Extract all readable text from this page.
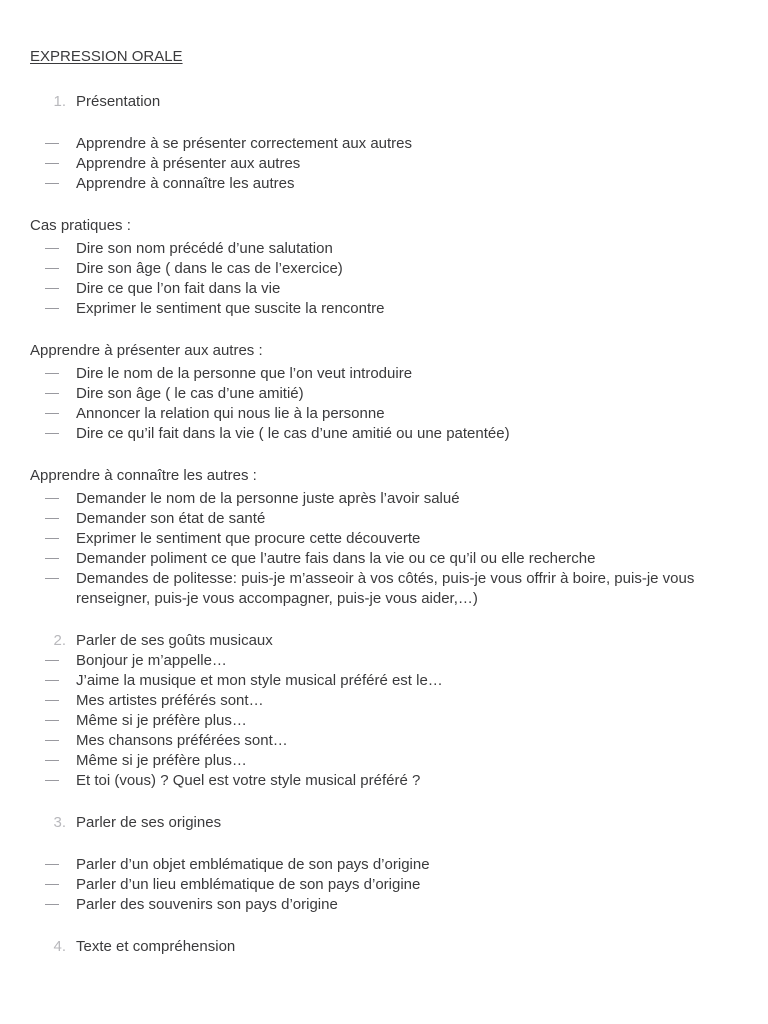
EXPRESSION ORALE
1. Présentation
Apprendre à se présenter correctement aux autres
Apprendre à présenter aux autres
Apprendre à connaître les autres
Cas pratiques :
Dire son nom précédé d’une salutation
Dire son âge ( dans le cas de l’exercice)
Dire ce que l’on fait dans la vie
Exprimer le sentiment que suscite la rencontre
Apprendre à présenter aux autres :
Dire le nom de la personne que l’on veut introduire
Dire son âge ( le cas d’une amitié)
Annoncer la relation qui nous lie à la personne
Dire ce qu’il fait dans la vie ( le cas d’une amitié ou une patentée)
Apprendre à connaître les autres :
Demander le nom de la personne juste après l’avoir salué
Demander son état de santé
Exprimer le sentiment que procure cette découverte
Demander poliment ce que l’autre fais dans la vie ou ce qu’il ou elle recherche
Demandes de politesse: puis-je m’asseoir à vos côtés, puis-je vous offrir à boire, puis-je vous renseigner, puis-je vous accompagner, puis-je vous aider,…)
2. Parler de ses goûts musicaux
Bonjour je m’appelle…
J’aime la musique et mon style musical préféré est le…
Mes artistes préférés sont…
Même si je préfère plus…
Mes chansons préférées sont…
Même si je préfère plus…
Et toi (vous) ? Quel est votre style musical préféré ?
3. Parler de ses origines
Parler d’un objet emblématique de son pays d’origine
Parler d’un lieu emblématique de son pays d’origine
Parler des souvenirs son pays d’origine
4. Texte et compréhension
